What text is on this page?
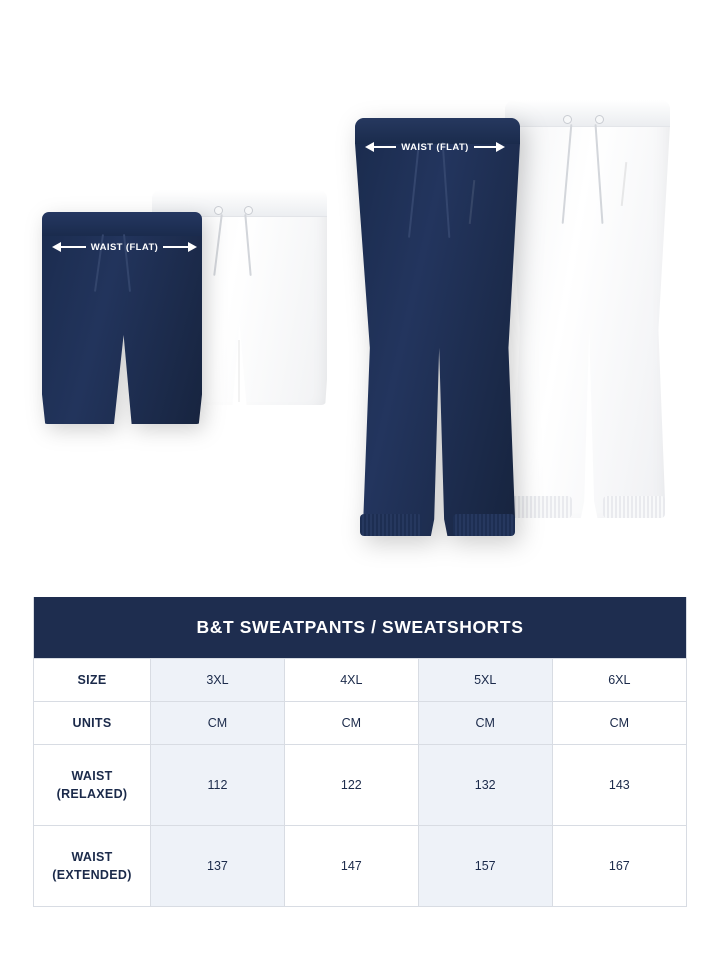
WAIST (FLAT)
WAIST (FLAT)
B&T SWEATPANTS / SWEATSHORTS
SIZE	3XL	4XL	5XL	6XL
UNITS	CM	CM	CM	CM

WAIST
(RELAXED)	112	122	132	143

WAIST
(EXTENDED)	137	147	157	167
